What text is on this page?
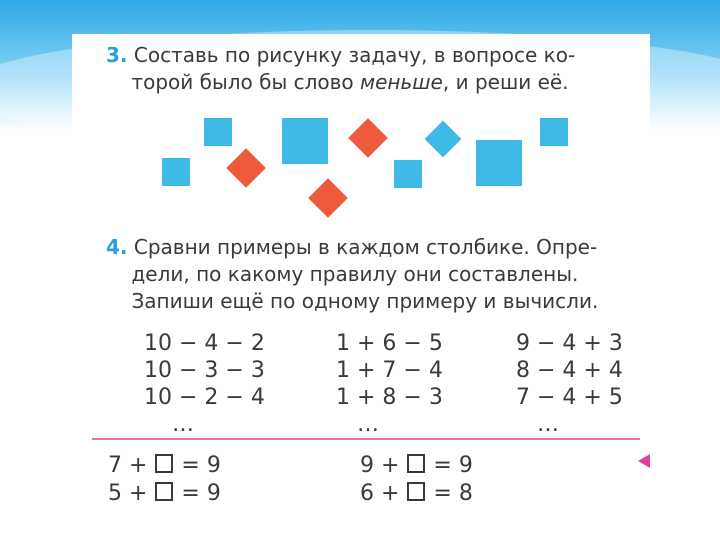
3. Составь по рисунку задачу, в вопросе ко-
торой было бы слово меньше, и реши её.
4. Сравни примеры в каждом столбике. Опре-
дели, по какому правилу они составлены.
Запиши ещё по одному примеру и вычисли.
10 − 4 − 2
10 − 3 − 3
10 − 2 − 4
…
1 + 6 − 5
1 + 7 − 4
1 + 8 − 3
…
9 − 4 + 3
8 − 4 + 4
7 − 4 + 5
…
7 +  = 9
5 +  = 9
9 +  = 9
6 +  = 8
